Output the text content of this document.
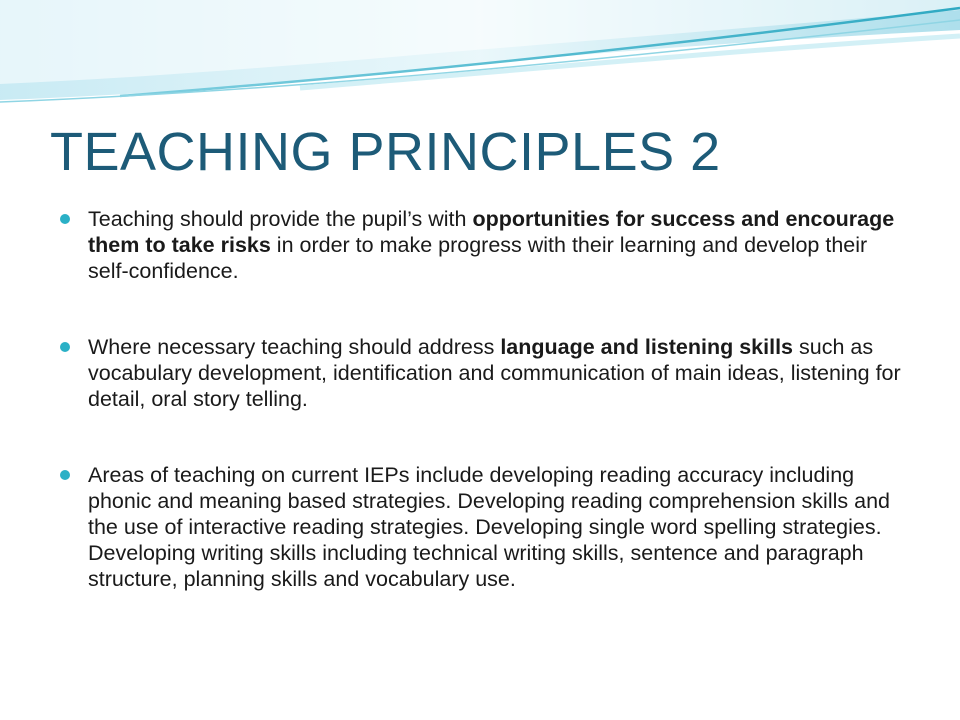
TEACHING PRINCIPLES 2
Teaching should provide the pupil’s with opportunities for success and encourage them to take risks in order to make progress with their learning and develop their self-confidence.
Where necessary teaching should address language and listening skills such as vocabulary development, identification and communication of main ideas, listening for detail, oral story telling.
Areas of teaching on current IEPs include developing reading accuracy including phonic and meaning based strategies. Developing reading comprehension skills and the use of interactive reading strategies. Developing single word spelling strategies. Developing writing skills including technical writing skills, sentence and paragraph structure, planning skills and vocabulary use.
